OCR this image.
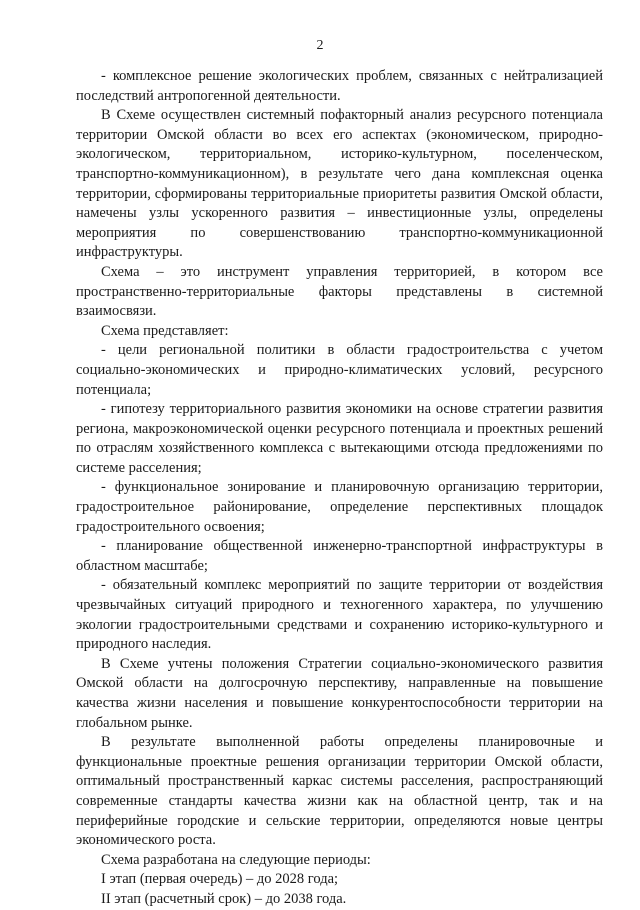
2

- комплексное решение экологических проблем, связанных с нейтрализацией последствий антропогенной деятельности.

В Схеме осуществлен системный пофакторный анализ ресурсного потенциала территории Омской области во всех его аспектах (экономическом, природно-экологическом, территориальном, историко-культурном, поселенческом, транспортно-коммуникационном), в результате чего дана комплексная оценка территории, сформированы территориальные приоритеты развития Омской области, намечены узлы ускоренного развития – инвестиционные узлы, определены мероприятия по совершенствованию транспортно-коммуникационной инфраструктуры.

Схема – это инструмент управления территорией, в котором все пространственно-территориальные факторы представлены в системной взаимосвязи.

Схема представляет:

- цели региональной политики в области градостроительства с учетом социально-экономических и природно-климатических условий, ресурсного потенциала;

- гипотезу территориального развития экономики на основе стратегии развития региона, макроэкономической оценки ресурсного потенциала и проектных решений по отраслям хозяйственного комплекса с вытекающими отсюда предложениями по системе расселения;

- функциональное зонирование и планировочную организацию территории, градостроительное районирование, определение перспективных площадок градостроительного освоения;

- планирование общественной инженерно-транспортной инфраструктуры в областном масштабе;

- обязательный комплекс мероприятий по защите территории от воздействия чрезвычайных ситуаций природного и техногенного характера, по улучшению экологии градостроительными средствами и сохранению историко-культурного и природного наследия.

В Схеме учтены положения Стратегии социально-экономического развития Омской области на долгосрочную перспективу, направленные на повышение качества жизни населения и повышение конкурентоспособности территории на глобальном рынке.

В результате выполненной работы определены планировочные и функциональные проектные решения организации территории Омской области, оптимальный пространственный каркас системы расселения, распространяющий современные стандарты качества жизни как на областной центр, так и на периферийные городские и сельские территории, определяются новые центры экономического роста.

Схема разработана на следующие периоды:

I этап (первая очередь) – до 2028 года;

II этап (расчетный срок) – до 2038 года.
